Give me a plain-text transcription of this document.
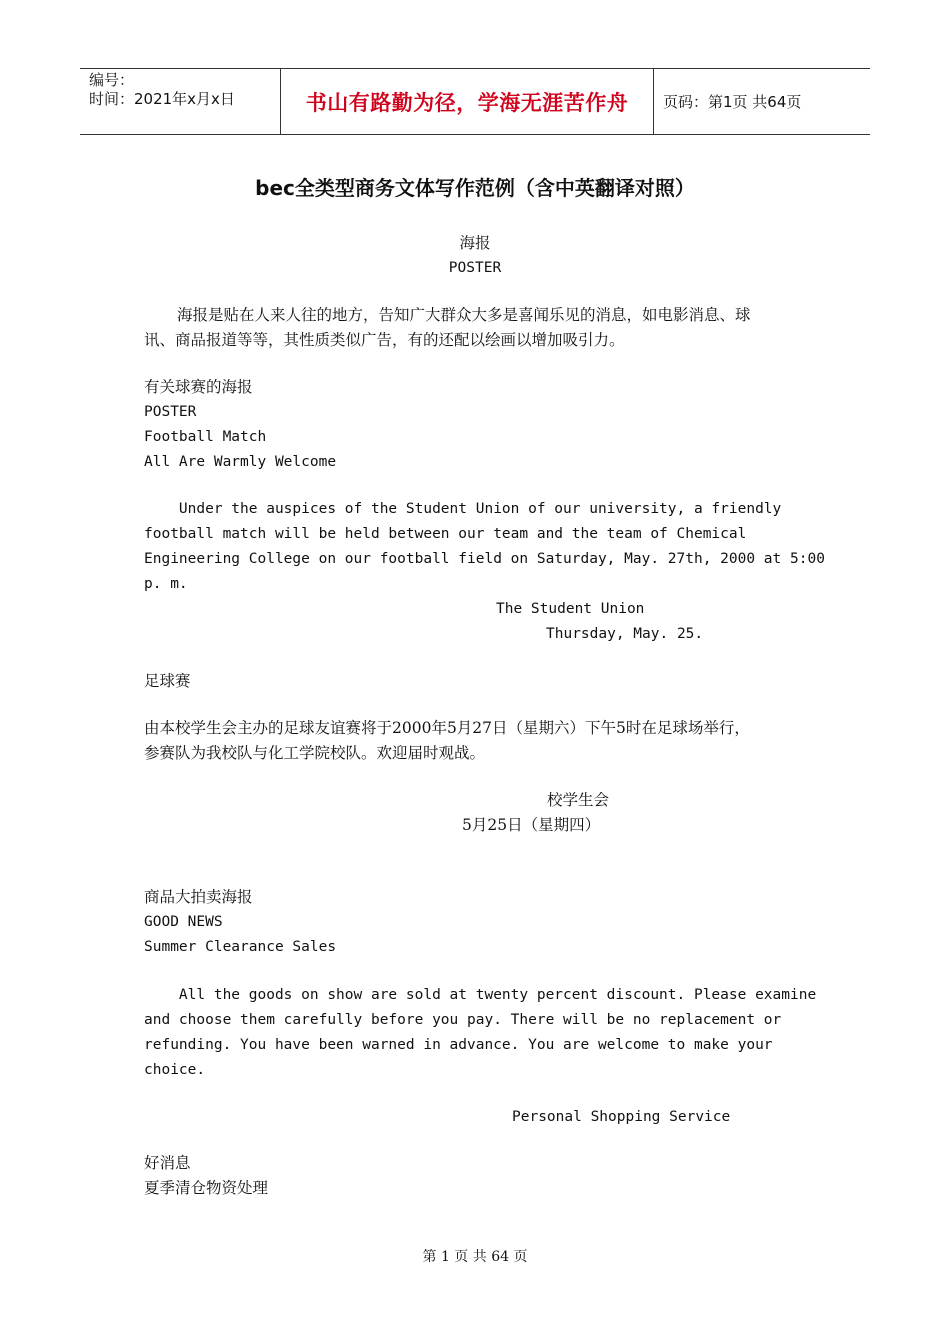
编号：
时间：2021年x月x日	书山有路勤为径，学海无涯苦作舟	页码：第1页 共64页
bec全类型商务文体写作范例（含中英翻译对照）
海报
POSTER
海报是贴在人来人往的地方，告知广大群众大多是喜闻乐见的消息，如电影消息、球
讯、商品报道等等，其性质类似广告，有的还配以绘画以增加吸引力。
有关球赛的海报
POSTER
Football Match
All Are Warmly Welcome
Under the auspices of the Student Union of our university, a friendly
football match will be held between our team and the team of Chemical
Engineering College on our football field on Saturday, May. 27th, 2000 at 5:00
p. m.
The Student Union
Thursday, May. 25.
足球赛
由本校学生会主办的足球友谊赛将于2000年5月27日（星期六）下午5时在足球场举行，
参赛队为我校队与化工学院校队。欢迎届时观战。
校学生会
5月25日（星期四）
商品大拍卖海报
GOOD NEWS
Summer Clearance Sales
All the goods on show are sold at twenty percent discount. Please examine
and choose them carefully before you pay. There will be no replacement or
refunding. You have been warned in advance. You are welcome to make your
choice.
Personal Shopping Service
好消息
夏季清仓物资处理
第 1 页 共 64 页
